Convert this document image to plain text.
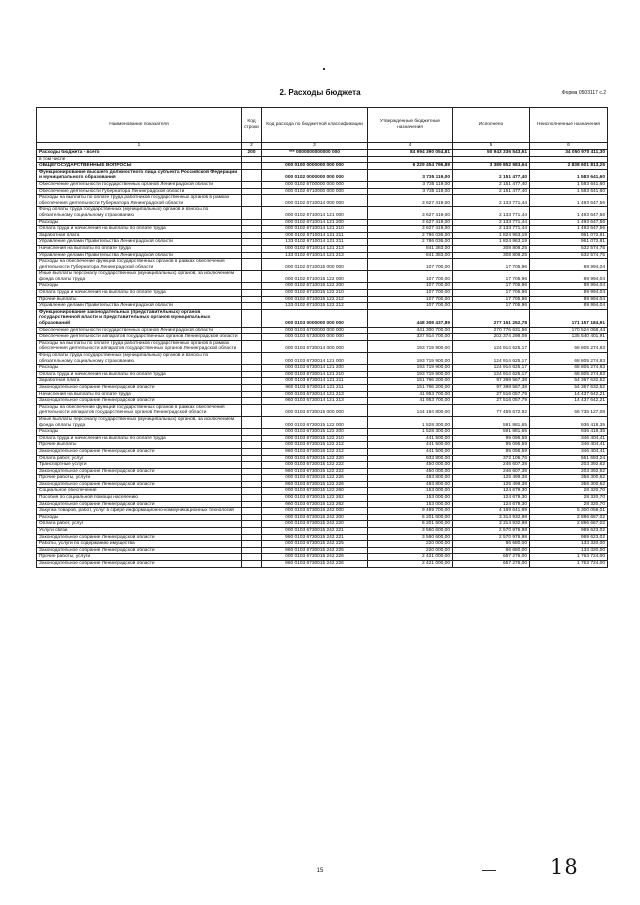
2. Расходы бюджета	Форма 0503117 с.2
Наименование показателя	Код строки	Код расхода по бюджетной классификации	Утвержденные бюджетные назначения	Исполнено	Неисполненные назначения
1	2	3	4	5	6
Расходы бюджета - всего	200	*** 0000000000000 000	84 994 390 054,81	50 943 336 543,61	34 050 970 411,30
в том числе					
ОБЩЕГОСУДАРСТВЕННЫЕ ВОПРОСЫ		000 0100 0000000 000 000	6 229 454 796,89	3 389 852 983,64	2 838 601 813,25
Функционирование высшего должностного лица субъекта Российской Федерации и муниципального образования		000 0102 0000000 000 000	3 735 119,00	2 151 477,40	1 583 641,60
Обеспечение деятельности государственных органов Ленинградской области		000 0102 6700000 000 000	3 735 119,00	2 151 477,40	1 583 641,60
Обеспечение деятельности Губернатора Ленинградской области		000 0102 6710000 000 000	3 735 119,00	2 151 477,40	1 583 641,60
Расходы на выплаты по оплате труда работников государственных органов в рамках обеспечения деятельности Губернатора Ленинградской области		000 0102 6710014 000 000	3 627 419,00	2 133 771,44	1 493 647,56
Фонд оплаты труда государственных (муниципальных) органов и взносы по обязательному социальному страхованию		000 0102 6710014 121 000	3 627 419,00	2 133 771,44	1 493 647,56
Расходы		000 0102 6710014 121 200	3 627 419,00	2 133 771,44	1 493 647,56
Оплата труда и начисления на выплаты по оплате труда		000 0102 6710014 121 210	3 627 419,00	2 133 771,44	1 493 647,56
Заработная плата		000 0102 6710014 121 211	2 786 036,00	1 824 963,19	961 072,81
Управление делами Правительства Ленинградской области		133 0102 6710014 121 211	2 786 036,00	1 824 963,19	961 072,81
Начисления на выплаты по оплате труда		000 0102 6710014 121 213	841 383,00	308 808,25	532 574,75
Управление делами Правительства Ленинградской области		133 0102 6710014 121 213	841 383,00	308 808,25	532 574,75
Расходы на обеспечение функций государственных органов в рамках обеспечения деятельности Губернатора Ленинградской области		000 0102 6710015 000 000	107 700,00	17 705,96	89 994,04
Иные выплаты персоналу государственных (муниципальных) органов, за исключением фонда оплаты труда		000 0102 6710015 122 000	107 700,00	17 705,96	89 994,04
Расходы		000 0102 6710015 122 200	107 700,00	17 705,96	89 994,04
Оплата труда и начисления на выплаты по оплате труда		000 0102 6710015 122 210	107 700,00	17 705,96	89 994,04
Прочие выплаты		000 0102 6710015 122 212	107 700,00	17 705,96	89 994,04
Управление делами Правительства Ленинградской области		133 0102 6710015 122 212	107 700,00	17 705,96	89 994,04
Функционирование законодательных (представительных) органов государственной власти и представительных органов муниципальных образований		000 0103 0000000 000 000	448 308 437,89	277 151 252,78	171 157 184,91
Обеспечение деятельности государственных органов Ленинградской области		000 0103 6700000 000 000	441 300 700,00	270 776 631,56	170 524 068,44
Обеспечение деятельности аппаратов государственных органов Ленинградской области		000 0103 6730000 000 000	337 914 700,00	202 374 298,09	135 540 401,91
Расходы на выплаты по оплате труда работников государственных органов в рамках обеспечения деятельности аппаратов государственных органов Ленинградской области		000 0103 6730014 000 000	193 719 900,00	124 914 625,17	68 805 274,83
Фонд оплаты труда государственных (муниципальных) органов и взносы по обязательному социальному страхованию		000 0103 6730014 121 000	193 719 900,00	124 914 625,17	68 805 274,83
Расходы		000 0103 6730014 121 200	193 719 900,00	124 914 625,17	68 805 274,83
Оплата труда и начисления на выплаты по оплате труда		000 0103 6730014 121 210	193 719 900,00	124 914 625,17	68 805 274,83
Заработная плата		000 0103 6730014 121 211	151 766 200,00	97 398 567,38	54 367 632,62
Законодательное собрание Ленинградской области		960 0103 6730014 121 211	151 766 200,00	97 398 567,38	54 367 632,62
Начисления на выплаты по оплате труда		000 0103 6730014 121 213	41 953 700,00	27 516 057,79	14 437 642,21
Законодательное собрание Ленинградской области		960 0103 6730014 121 213	41 953 700,00	27 516 057,79	14 437 642,21
Расходы на обеспечение функций государственных органов в рамках обеспечения деятельности аппаратов государственных органов Ленинградской области		000 0103 6730015 000 000	144 194 800,00	77 459 672,92	66 735 127,08
Иные выплаты персоналу государственных (муниципальных) органов, за исключением фонда оплаты труда		000 0103 6730015 122 000	1 528 300,00	591 881,65	936 418,35
Расходы		000 0103 6730015 122 200	1 528 300,00	591 881,65	936 418,35
Оплата труда и начисления на выплаты по оплате труда		000 0103 6730015 122 210	441 500,00	95 095,59	346 404,41
Прочие выплаты		000 0103 6730015 122 212	441 500,00	95 095,59	346 404,41
Законодательное собрание Ленинградской области		960 0103 6730015 122 212	441 500,00	95 095,59	346 404,41
Оплата работ, услуг		000 0103 6730015 122 220	933 800,00	372 106,76	561 693,24
Транспортные услуги		000 0103 6730015 122 222	450 000,00	246 607,38	203 392,62
Законодательное собрание Ленинградской области		960 0103 6730015 122 222	450 000,00	246 607,38	203 392,62
Прочие работы, услуги		000 0103 6730015 122 226	483 800,00	125 499,38	358 300,62
Законодательное собрание Ленинградской области		960 0103 6730015 122 226	483 800,00	125 499,38	358 300,62
Социальное обеспечение		000 0103 6730015 122 260	153 000,00	124 679,30	28 320,70
Пособия по социальной помощи населению		000 0103 6730015 122 262	153 000,00	124 679,30	28 320,70
Законодательное собрание Ленинградской области		960 0103 6730015 122 262	153 000,00	124 679,30	28 320,70
Закупка товаров, работ, услуг в сфере информационно-коммуникационных технологий		000 0103 6730015 242 000	9 469 700,00	4 169 641,99	5 300 058,01
Расходы		000 0103 6730015 242 200	6 201 600,00	3 314 932,98	2 886 667,02
Оплата работ, услуг		000 0103 6730015 242 220	6 201 600,00	3 314 932,98	2 886 667,02
Услуги связи		000 0103 6730015 242 221	3 560 600,00	2 570 976,98	989 623,02
Законодательное собрание Ленинградской области		960 0103 6730015 242 221	3 560 600,00	2 570 976,98	989 623,02
Работы, услуги по содержанию имущества		000 0103 6730015 242 225	220 000,00	86 680,00	133 320,00
Законодательное собрание Ленинградской области		960 0103 6730015 242 225	220 000,00	86 680,00	133 320,00
Прочие работы, услуги		000 0103 6730015 242 226	2 421 000,00	657 276,00	1 763 724,00
Законодательное собрание Ленинградской области		960 0103 6730015 242 226	2 421 000,00	657 276,00	1 763 724,00
15	18
